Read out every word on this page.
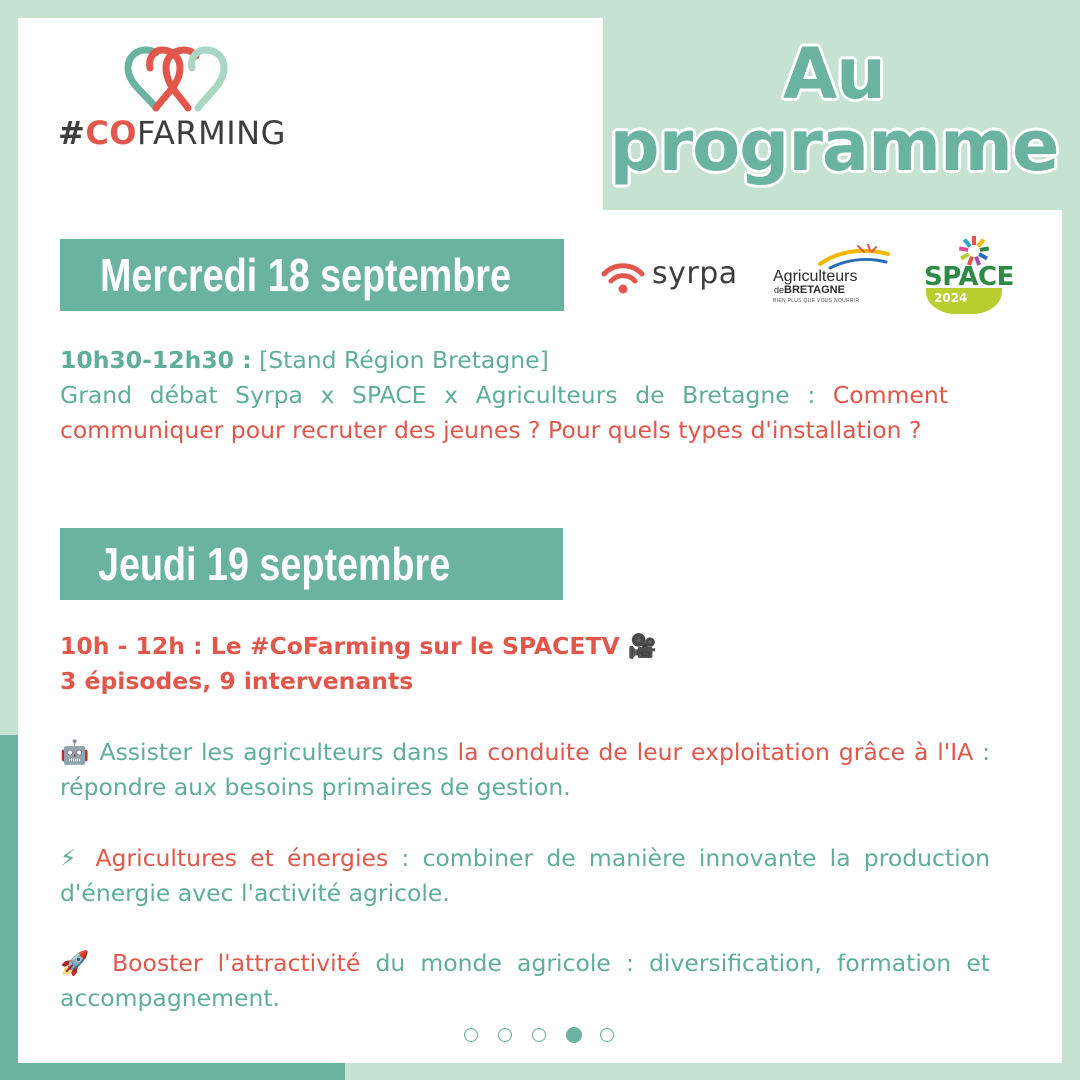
#COFARMING
Au
programme
Mercredi 18 septembre	syrpa Agriculteurs
deBRETAGNE
BIEN PLUS QUE VOUS NOURRIR	2024
SPACE
10h30-12h30 : [Stand Région Bretagne]
Grand débat Syrpa x SPACE x Agriculteurs de Bretagne : Comment communiquer pour recruter des jeunes ? Pour quels types d'installation ?
Jeudi 19 septembre
10h - 12h : Le #CoFarming sur le SPACETV 🎥
3 épisodes, 9 intervenants
🤖 Assister les agriculteurs dans la conduite de leur exploitation grâce à l'IA : répondre aux besoins primaires de gestion.
⚡ Agricultures et énergies : combiner de manière innovante la production d'énergie avec l'activité agricole.
🚀 Booster l'attractivité du monde agricole : diversification, formation et accompagnement.
